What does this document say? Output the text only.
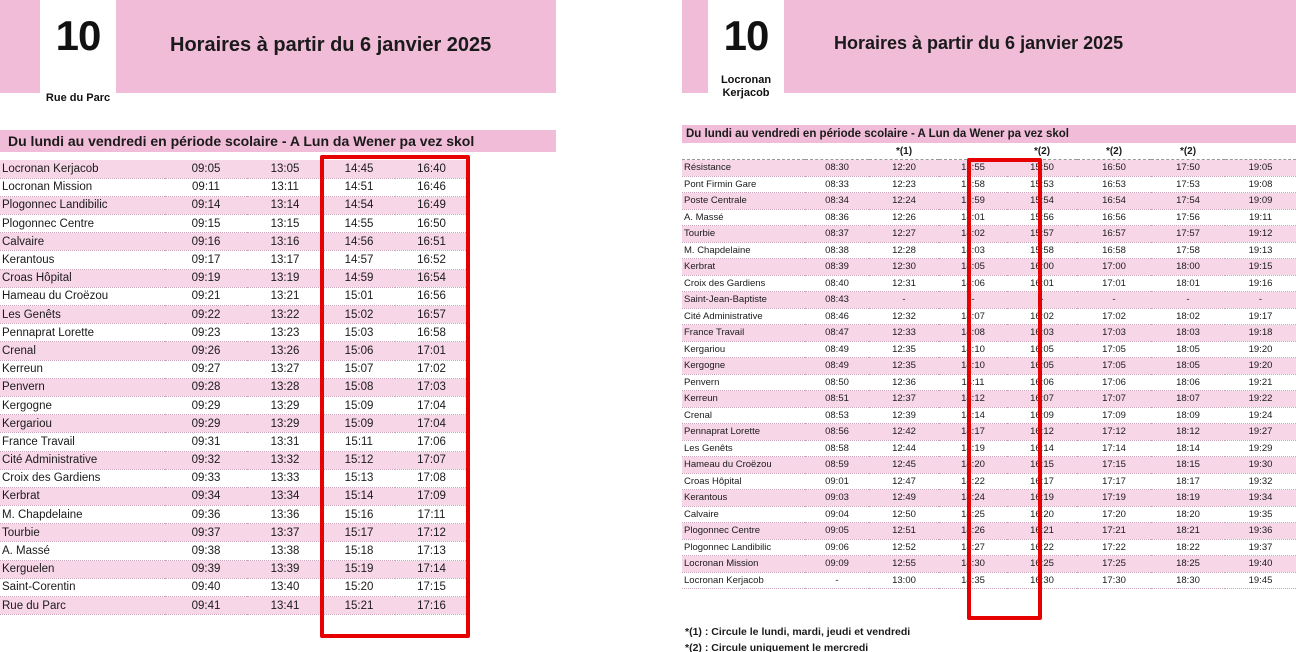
10
Rue du Parc
Horaires à partir du 6 janvier 2025
Du lundi au vendredi en période scolaire - A Lun da Wener pa vez skol
Locronan Kerjacob	09:05	13:05	14:45	16:40
Locronan Mission	09:11	13:11	14:51	16:46
Plogonnec Landibilic	09:14	13:14	14:54	16:49
Plogonnec Centre	09:15	13:15	14:55	16:50
Calvaire	09:16	13:16	14:56	16:51
Kerantous	09:17	13:17	14:57	16:52
Croas Hôpital	09:19	13:19	14:59	16:54
Hameau du Croëzou	09:21	13:21	15:01	16:56
Les Genêts	09:22	13:22	15:02	16:57
Pennaprat Lorette	09:23	13:23	15:03	16:58
Crenal	09:26	13:26	15:06	17:01
Kerreun	09:27	13:27	15:07	17:02
Penvern	09:28	13:28	15:08	17:03
Kergogne	09:29	13:29	15:09	17:04
Kergariou	09:29	13:29	15:09	17:04
France Travail	09:31	13:31	15:11	17:06
Cité Administrative	09:32	13:32	15:12	17:07
Croix des Gardiens	09:33	13:33	15:13	17:08
Kerbrat	09:34	13:34	15:14	17:09
M. Chapdelaine	09:36	13:36	15:16	17:11
Tourbie	09:37	13:37	15:17	17:12
A. Massé	09:38	13:38	15:18	17:13
Kerguelen	09:39	13:39	15:19	17:14
Saint-Corentin	09:40	13:40	15:20	17:15
Rue du Parc	09:41	13:41	15:21	17:16
10
Locronan
Kerjacob
Horaires à partir du 6 janvier 2025
Du lundi au vendredi en période scolaire - A Lun da Wener pa vez skol
		*(1)		*(2)	*(2)	*(2)	
Résistance	08:30	12:20	13:55	15:50	16:50	17:50	19:05
Pont Firmin Gare	08:33	12:23	13:58	15:53	16:53	17:53	19:08
Poste Centrale	08:34	12:24	13:59	15:54	16:54	17:54	19:09
A. Massé	08:36	12:26	14:01	15:56	16:56	17:56	19:11
Tourbie	08:37	12:27	14:02	15:57	16:57	17:57	19:12
M. Chapdelaine	08:38	12:28	14:03	15:58	16:58	17:58	19:13
Kerbrat	08:39	12:30	14:05	16:00	17:00	18:00	19:15
Croix des Gardiens	08:40	12:31	14:06	16:01	17:01	18:01	19:16
Saint-Jean-Baptiste	08:43	-	-	-	-	-	-
Cité Administrative	08:46	12:32	14:07	16:02	17:02	18:02	19:17
France Travail	08:47	12:33	14:08	16:03	17:03	18:03	19:18
Kergariou	08:49	12:35	14:10	16:05	17:05	18:05	19:20
Kergogne	08:49	12:35	14:10	16:05	17:05	18:05	19:20
Penvern	08:50	12:36	14:11	16:06	17:06	18:06	19:21
Kerreun	08:51	12:37	14:12	16:07	17:07	18:07	19:22
Crenal	08:53	12:39	14:14	16:09	17:09	18:09	19:24
Pennaprat Lorette	08:56	12:42	14:17	16:12	17:12	18:12	19:27
Les Genêts	08:58	12:44	14:19	16:14	17:14	18:14	19:29
Hameau du Croëzou	08:59	12:45	14:20	16:15	17:15	18:15	19:30
Croas Hôpital	09:01	12:47	14:22	16:17	17:17	18:17	19:32
Kerantous	09:03	12:49	14:24	16:19	17:19	18:19	19:34
Calvaire	09:04	12:50	14:25	16:20	17:20	18:20	19:35
Plogonnec Centre	09:05	12:51	14:26	16:21	17:21	18:21	19:36
Plogonnec Landibilic	09:06	12:52	14:27	16:22	17:22	18:22	19:37
Locronan Mission	09:09	12:55	14:30	16:25	17:25	18:25	19:40
Locronan Kerjacob	-	13:00	14:35	16:30	17:30	18:30	19:45
*(1) : Circule le lundi, mardi, jeudi et vendredi
*(2) : Circule uniquement le mercredi
